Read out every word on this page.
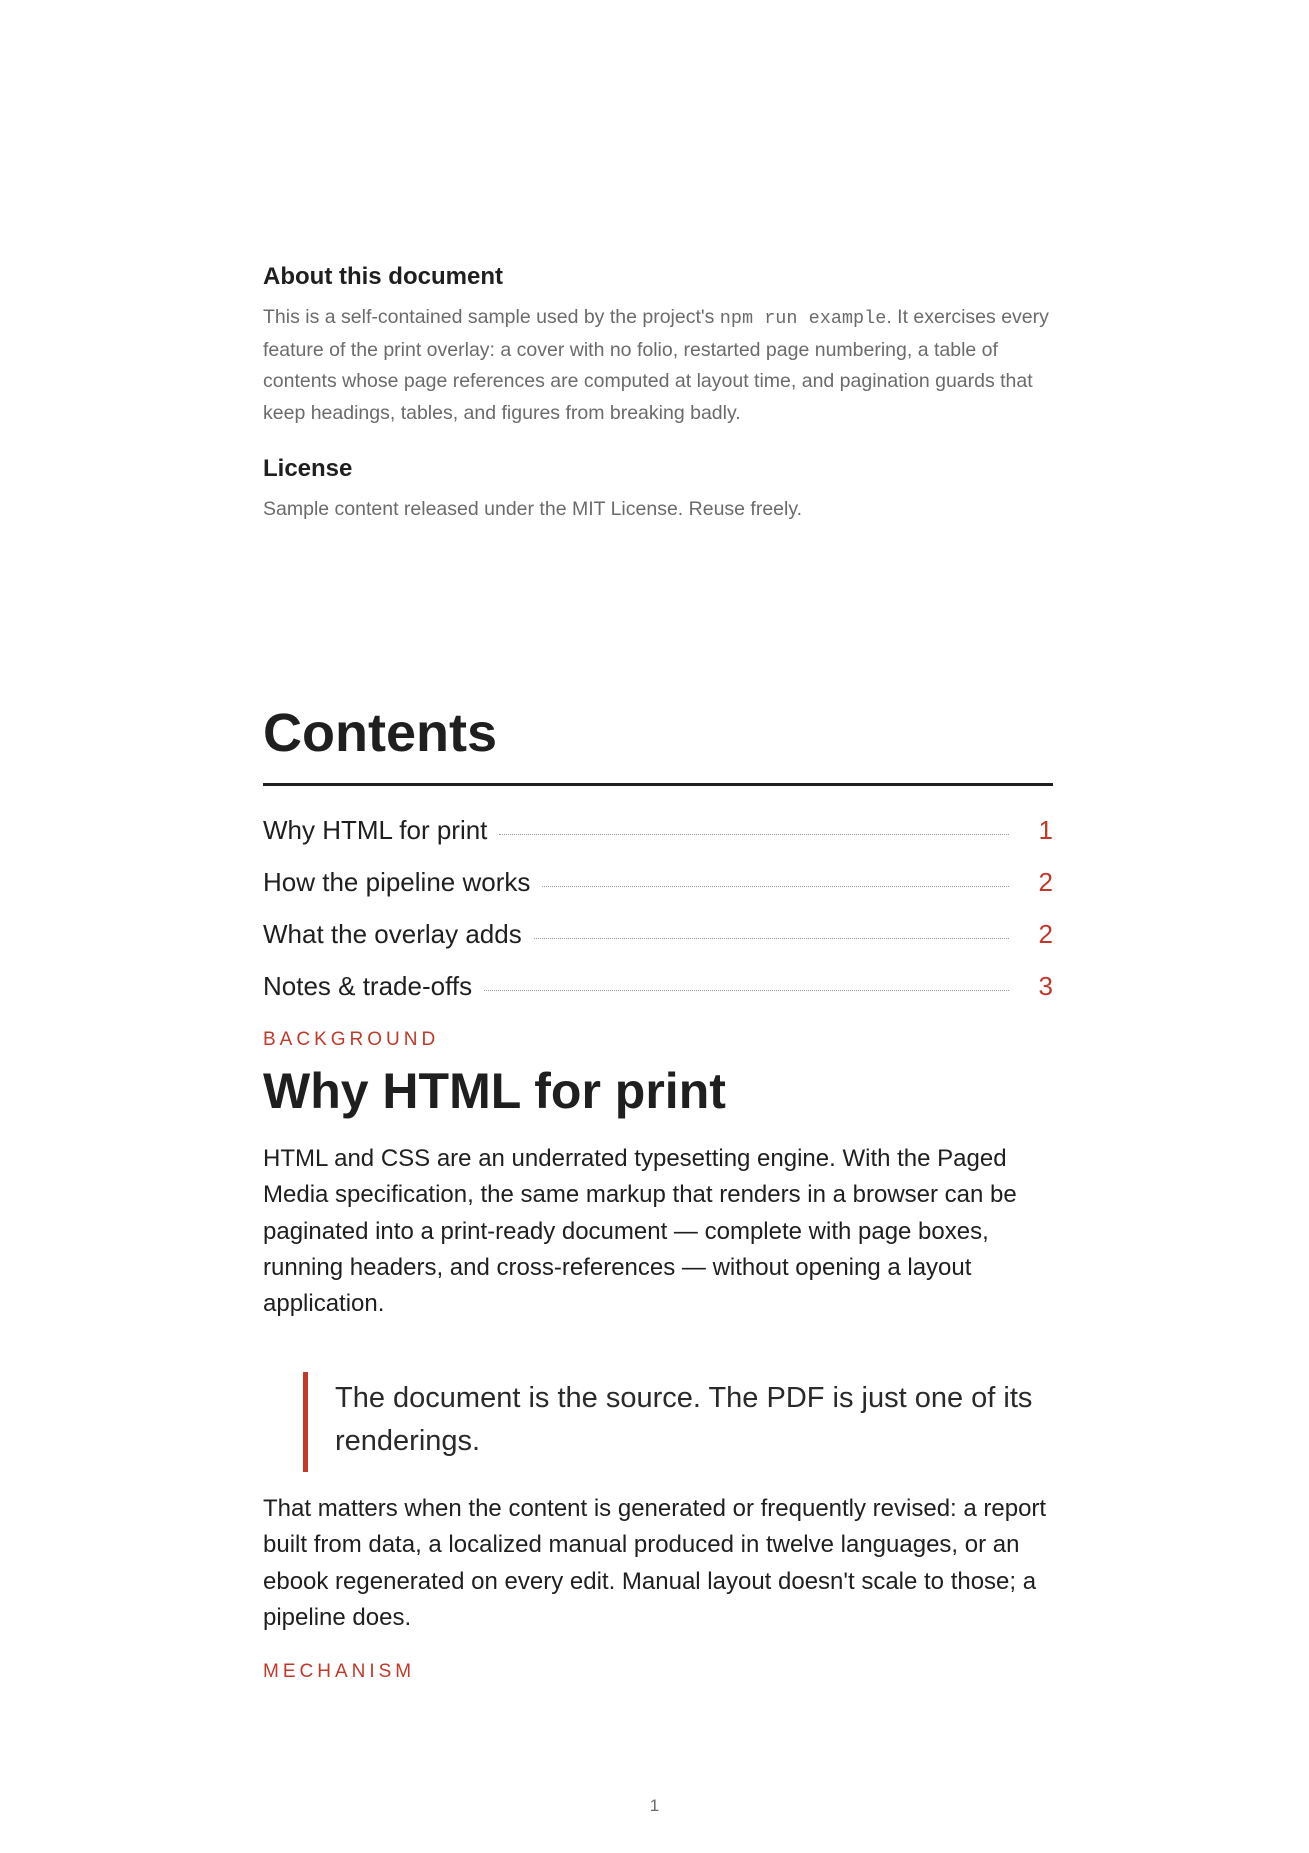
About this document

This is a self-contained sample used by the project's npm run example. It exercises every feature of the print overlay: a cover with no folio, restarted page numbering, a table of contents whose page references are computed at layout time, and pagination guards that keep headings, tables, and figures from breaking badly.

License

Sample content released under the MIT License. Reuse freely.

Contents
Why HTML for print	1
How the pipeline works	2
What the overlay adds	2
Notes & trade-offs	3

BACKGROUND

Why HTML for print

HTML and CSS are an underrated typesetting engine. With the Paged Media specification, the same markup that renders in a browser can be paginated into a print-ready document — complete with page boxes, running headers, and cross-references — without opening a layout application.

The document is the source. The PDF is just one of its renderings.

That matters when the content is generated or frequently revised: a report built from data, a localized manual produced in twelve languages, or an ebook regenerated on every edit. Manual layout doesn't scale to those; a pipeline does.

MECHANISM

1
